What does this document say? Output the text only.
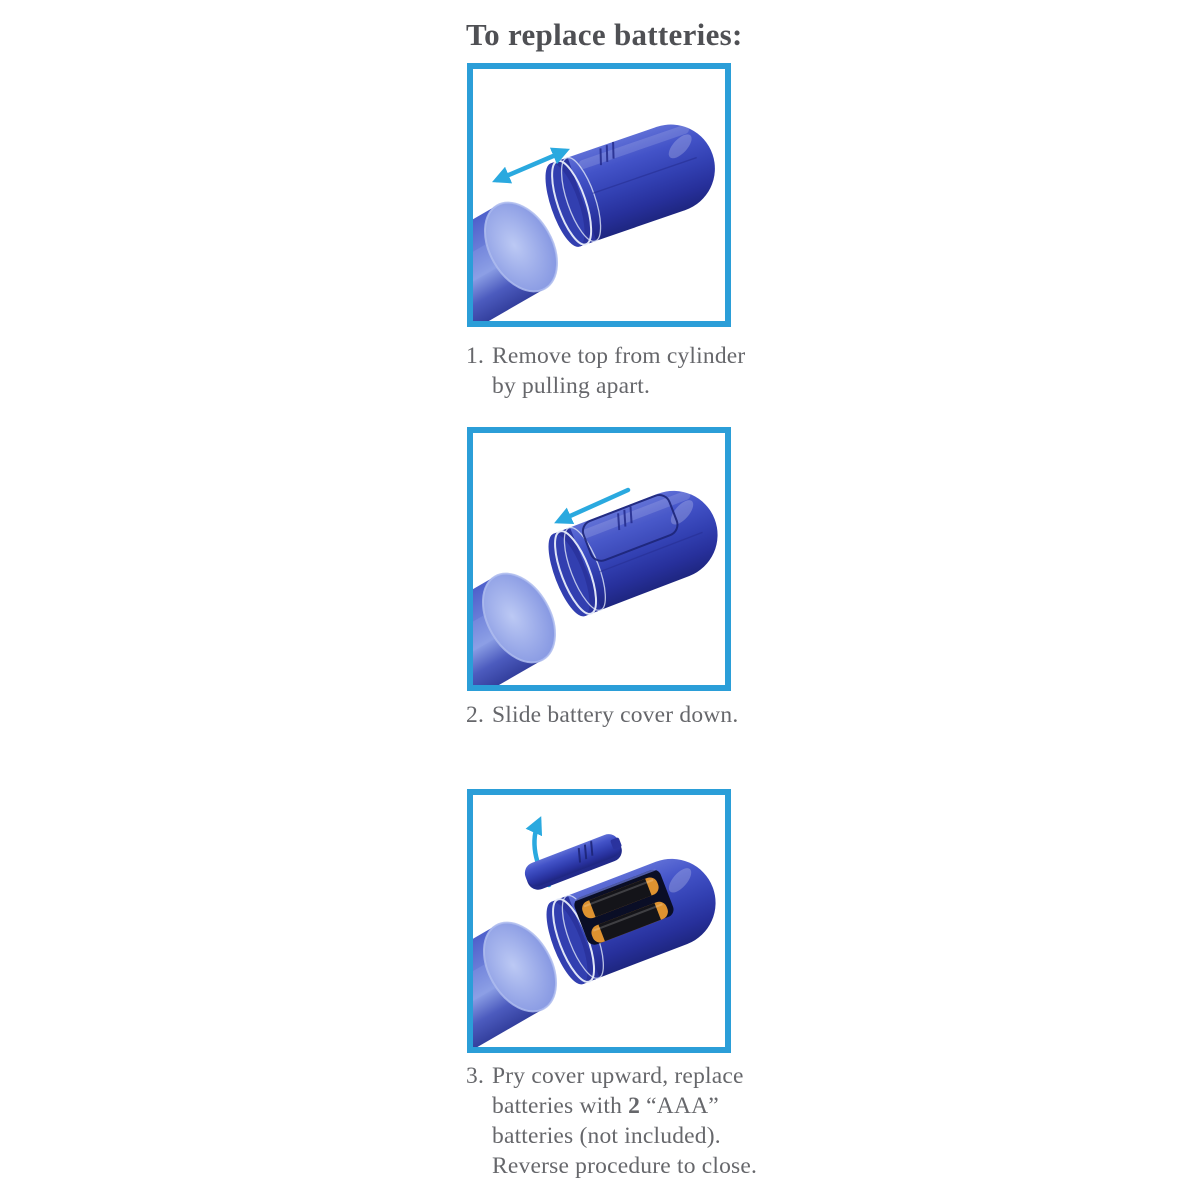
To replace batteries:
1. Remove top from cylinder
by pulling apart.
2. Slide battery cover down.
3. Pry cover upward, replace
batteries with 2 “AAA”
batteries (not included).
Reverse procedure to close.
